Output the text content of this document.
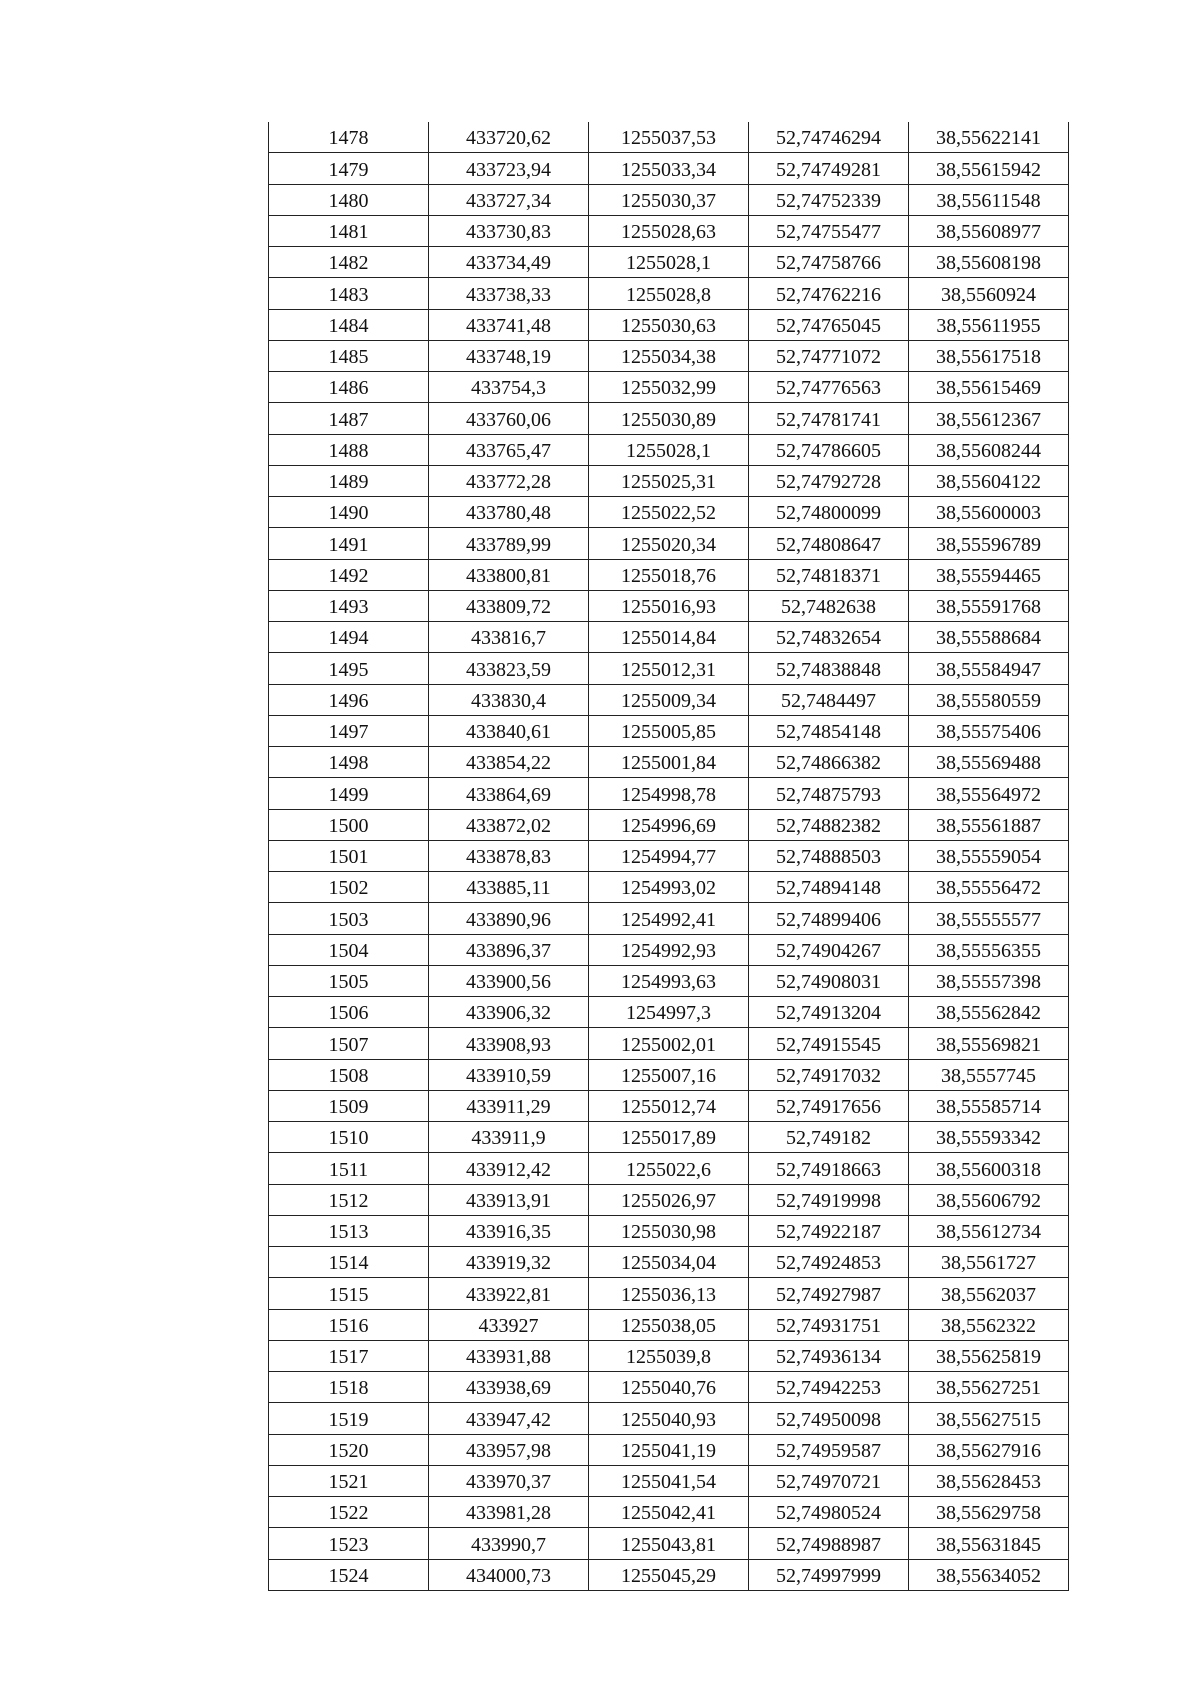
1478	433720,62	1255037,53	52,74746294	38,55622141
1479	433723,94	1255033,34	52,74749281	38,55615942
1480	433727,34	1255030,37	52,74752339	38,55611548
1481	433730,83	1255028,63	52,74755477	38,55608977
1482	433734,49	1255028,1	52,74758766	38,55608198
1483	433738,33	1255028,8	52,74762216	38,5560924
1484	433741,48	1255030,63	52,74765045	38,55611955
1485	433748,19	1255034,38	52,74771072	38,55617518
1486	433754,3	1255032,99	52,74776563	38,55615469
1487	433760,06	1255030,89	52,74781741	38,55612367
1488	433765,47	1255028,1	52,74786605	38,55608244
1489	433772,28	1255025,31	52,74792728	38,55604122
1490	433780,48	1255022,52	52,74800099	38,55600003
1491	433789,99	1255020,34	52,74808647	38,55596789
1492	433800,81	1255018,76	52,74818371	38,55594465
1493	433809,72	1255016,93	52,7482638	38,55591768
1494	433816,7	1255014,84	52,74832654	38,55588684
1495	433823,59	1255012,31	52,74838848	38,55584947
1496	433830,4	1255009,34	52,7484497	38,55580559
1497	433840,61	1255005,85	52,74854148	38,55575406
1498	433854,22	1255001,84	52,74866382	38,55569488
1499	433864,69	1254998,78	52,74875793	38,55564972
1500	433872,02	1254996,69	52,74882382	38,55561887
1501	433878,83	1254994,77	52,74888503	38,55559054
1502	433885,11	1254993,02	52,74894148	38,55556472
1503	433890,96	1254992,41	52,74899406	38,55555577
1504	433896,37	1254992,93	52,74904267	38,55556355
1505	433900,56	1254993,63	52,74908031	38,55557398
1506	433906,32	1254997,3	52,74913204	38,55562842
1507	433908,93	1255002,01	52,74915545	38,55569821
1508	433910,59	1255007,16	52,74917032	38,5557745
1509	433911,29	1255012,74	52,74917656	38,55585714
1510	433911,9	1255017,89	52,749182	38,55593342
1511	433912,42	1255022,6	52,74918663	38,55600318
1512	433913,91	1255026,97	52,74919998	38,55606792
1513	433916,35	1255030,98	52,74922187	38,55612734
1514	433919,32	1255034,04	52,74924853	38,5561727
1515	433922,81	1255036,13	52,74927987	38,5562037
1516	433927	1255038,05	52,74931751	38,5562322
1517	433931,88	1255039,8	52,74936134	38,55625819
1518	433938,69	1255040,76	52,74942253	38,55627251
1519	433947,42	1255040,93	52,74950098	38,55627515
1520	433957,98	1255041,19	52,74959587	38,55627916
1521	433970,37	1255041,54	52,74970721	38,55628453
1522	433981,28	1255042,41	52,74980524	38,55629758
1523	433990,7	1255043,81	52,74988987	38,55631845
1524	434000,73	1255045,29	52,74997999	38,55634052
